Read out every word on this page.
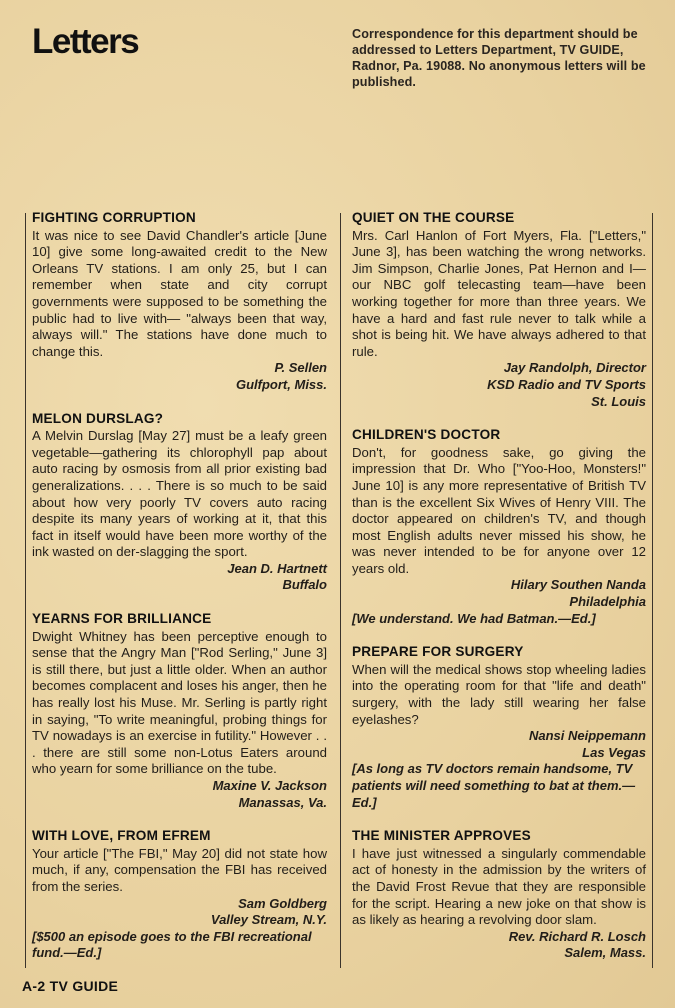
Letters	Correspondence for this department should be addressed to Letters Department, TV GUIDE, Radnor, Pa. 19088. No anonymous letters will be published.
FIGHTING CORRUPTION
It was nice to see David Chandler's article [June 10] give some long-awaited credit to the New Orleans TV stations. I am only 25, but I can remember when state and city corrupt governments were supposed to be something the public had to live with— "always been that way, always will." The stations have done much to change this.
P. Sellen
Gulfport, Miss.
MELON DURSLAG?
A Melvin Durslag [May 27] must be a leafy green vegetable—gathering its chlorophyll pap about auto racing by osmosis from all prior existing bad generalizations. . . . There is so much to be said about how very poorly TV covers auto racing despite its many years of working at it, that this fact in itself would have been more worthy of the ink wasted on der-slagging the sport.
Jean D. Hartnett
Buffalo
YEARNS FOR BRILLIANCE
Dwight Whitney has been perceptive enough to sense that the Angry Man ["Rod Serling," June 3] is still there, but just a little older. When an author becomes complacent and loses his anger, then he has really lost his Muse. Mr. Serling is partly right in saying, "To write meaningful, probing things for TV nowadays is an exercise in futility." However . . . there are still some non-Lotus Eaters around who yearn for some brilliance on the tube.
Maxine V. Jackson
Manassas, Va.
WITH LOVE, FROM EFREM
Your article ["The FBI," May 20] did not state how much, if any, compensation the FBI has received from the series.
Sam Goldberg
Valley Stream, N.Y.
[$500 an episode goes to the FBI recreational fund.—Ed.]
QUIET ON THE COURSE
Mrs. Carl Hanlon of Fort Myers, Fla. ["Letters," June 3], has been watching the wrong networks. Jim Simpson, Charlie Jones, Pat Hernon and I—our NBC golf telecasting team—have been working together for more than three years. We have a hard and fast rule never to talk while a shot is being hit. We have always adhered to that rule.
Jay Randolph, Director
KSD Radio and TV Sports
St. Louis
CHILDREN'S DOCTOR
Don't, for goodness sake, go giving the impression that Dr. Who ["Yoo-Hoo, Monsters!" June 10] is any more representative of British TV than is the excellent Six Wives of Henry VIII. The doctor appeared on children's TV, and though most English adults never missed his show, he was never intended to be for anyone over 12 years old.
Hilary Southen Nanda
Philadelphia
[We understand. We had Batman.—Ed.]
PREPARE FOR SURGERY
When will the medical shows stop wheeling ladies into the operating room for that "life and death" surgery, with the lady still wearing her false eyelashes?
Nansi Neippemann
Las Vegas
[As long as TV doctors remain handsome, TV patients will need something to bat at them.—Ed.]
THE MINISTER APPROVES
I have just witnessed a singularly commendable act of honesty in the admission by the writers of the David Frost Revue that they are responsible for the script. Hearing a new joke on that show is as likely as hearing a revolving door slam.
Rev. Richard R. Losch
Salem, Mass.
A-2 TV GUIDE
